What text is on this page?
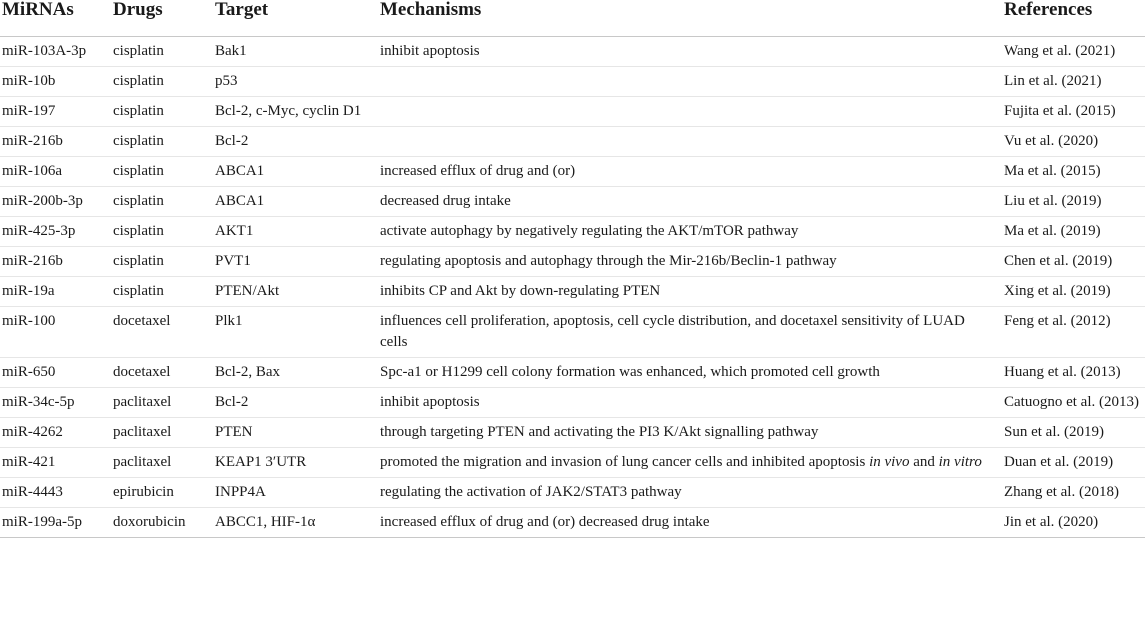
MiRNAs	Drugs	Target	Mechanisms	References
miR-103A-3p	cisplatin	Bak1	inhibit apoptosis	Wang et al. (2021)
miR-10b	cisplatin	p53		Lin et al. (2021)
miR-197	cisplatin	Bcl-2, c-Myc, cyclin D1		Fujita et al. (2015)
miR-216b	cisplatin	Bcl-2		Vu et al. (2020)
miR-106a	cisplatin	ABCA1	increased efflux of drug and (or)	Ma et al. (2015)
miR-200b-3p	cisplatin	ABCA1	decreased drug intake	Liu et al. (2019)
miR-425-3p	cisplatin	AKT1	activate autophagy by negatively regulating the AKT/mTOR pathway	Ma et al. (2019)
miR-216b	cisplatin	PVT1	regulating apoptosis and autophagy through the Mir-216b/Beclin-1 pathway	Chen et al. (2019)
miR-19a	cisplatin	PTEN/Akt	inhibits CP and Akt by down-regulating PTEN	Xing et al. (2019)
miR-100	docetaxel	Plk1	influences cell proliferation, apoptosis, cell cycle distribution, and docetaxel sensitivity of LUAD cells	Feng et al. (2012)
miR-650	docetaxel	Bcl-2, Bax	Spc-a1 or H1299 cell colony formation was enhanced, which promoted cell growth	Huang et al. (2013)
miR-34c-5p	paclitaxel	Bcl-2	inhibit apoptosis	Catuogno et al. (2013)
miR-4262	paclitaxel	PTEN	through targeting PTEN and activating the PI3 K/Akt signalling pathway	Sun et al. (2019)
miR-421	paclitaxel	KEAP1 3′UTR	promoted the migration and invasion of lung cancer cells and inhibited apoptosis in vivo and in vitro	Duan et al. (2019)
miR-4443	epirubicin	INPP4A	regulating the activation of JAK2/STAT3 pathway	Zhang et al. (2018)
miR-199a-5p	doxorubicin	ABCC1, HIF-1α	increased efflux of drug and (or) decreased drug intake	Jin et al. (2020)
